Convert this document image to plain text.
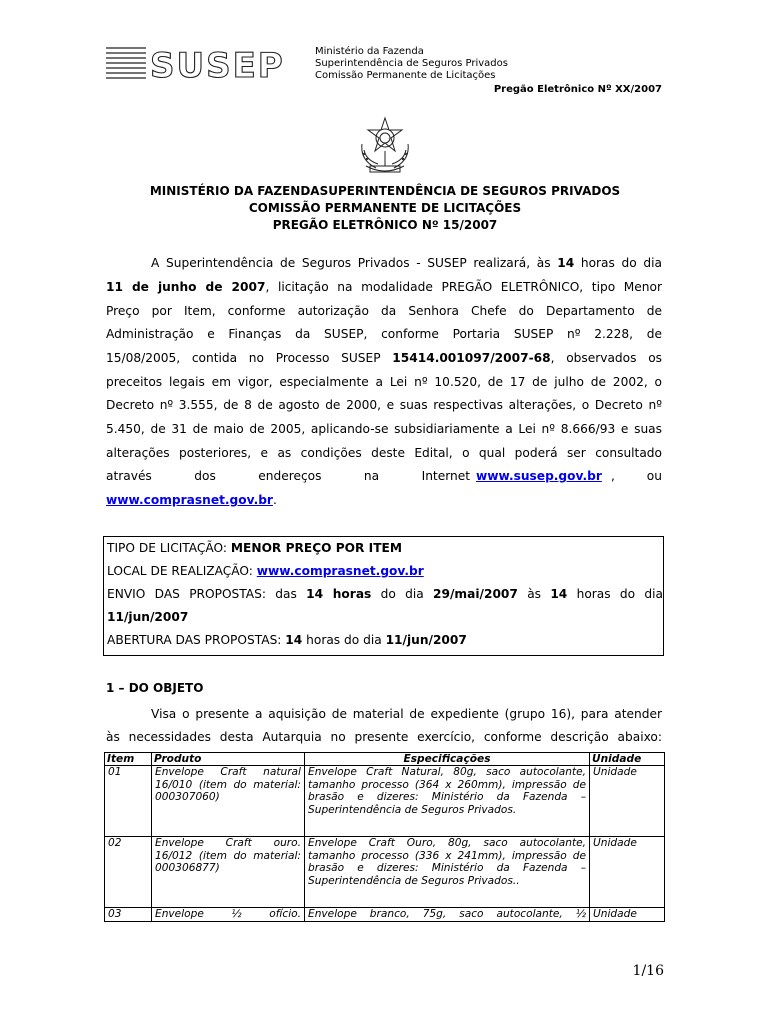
SUSEP	Ministério da Fazenda
Superintendência de Seguros Privados
Comissão Permanente de Licitações
Pregão Eletrônico Nº XX/2007
MINISTÉRIO DA FAZENDASUPERINTENDÊNCIA DE SEGUROS PRIVADOS
COMISSÃO PERMANENTE DE LICITAÇÕES
PREGÃO ELETRÔNICO Nº 15/2007
A Superintendência de Seguros Privados - SUSEP realizará, às 14 horas do dia
11 de junho de 2007, licitação na modalidade PREGÃO ELETRÔNICO, tipo Menor
Preço por Item, conforme autorização da Senhora Chefe do Departamento de
Administração e Finanças da SUSEP, conforme Portaria SUSEP nº 2.228, de
15/08/2005, contida no Processo SUSEP 15414.001097/2007-68, observados os
preceitos legais em vigor, especialmente a Lei nº 10.520, de 17 de julho de 2002, o
Decreto nº 3.555, de 8 de agosto de 2000, e suas respectivas alterações, o Decreto nº
5.450, de 31 de maio de 2005, aplicando-se subsidiariamente a Lei nº 8.666/93 e suas
alterações posteriores, e as condições deste Edital, o qual poderá ser consultado
através dos endereços na Internet www.susep.gov.br , ou
www.comprasnet.gov.br.
TIPO DE LICITAÇÃO: MENOR PREÇO POR ITEM
LOCAL DE REALIZAÇÃO: www.comprasnet.gov.br
ENVIO DAS PROPOSTAS: das 14 horas do dia 29/mai/2007 às 14 horas do dia
11/jun/2007
ABERTURA DAS PROPOSTAS: 14 horas do dia 11/jun/2007
1 – DO OBJETO
Visa o presente a aquisição de material de expediente (grupo 16), para atender
às necessidades desta Autarquia no presente exercício, conforme descrição abaixo:
Item	Produto	Especificações	Unidade	
01	Envelope Craft natural 16/010 (item do material: 000307060)	Envelope Craft Natural, 80g, saco autocolante, tamanho processo (364 x 260mm), impressão de brasão e dizeres: Ministério da Fazenda – Superintendência de Seguros Privados.	Unidade	
02	Envelope Craft ouro. 16/012 (item do material: 000306877)	Envelope Craft Ouro, 80g, saco autocolante, tamanho processo (336 x 241mm), impressão de brasão e dizeres: Ministério da Fazenda – Superintendência de Seguros Privados..	Unidade	
03	Envelope ½ ofício.	Envelope branco, 75g, saco autocolante, ½	Unidade	
1/16
